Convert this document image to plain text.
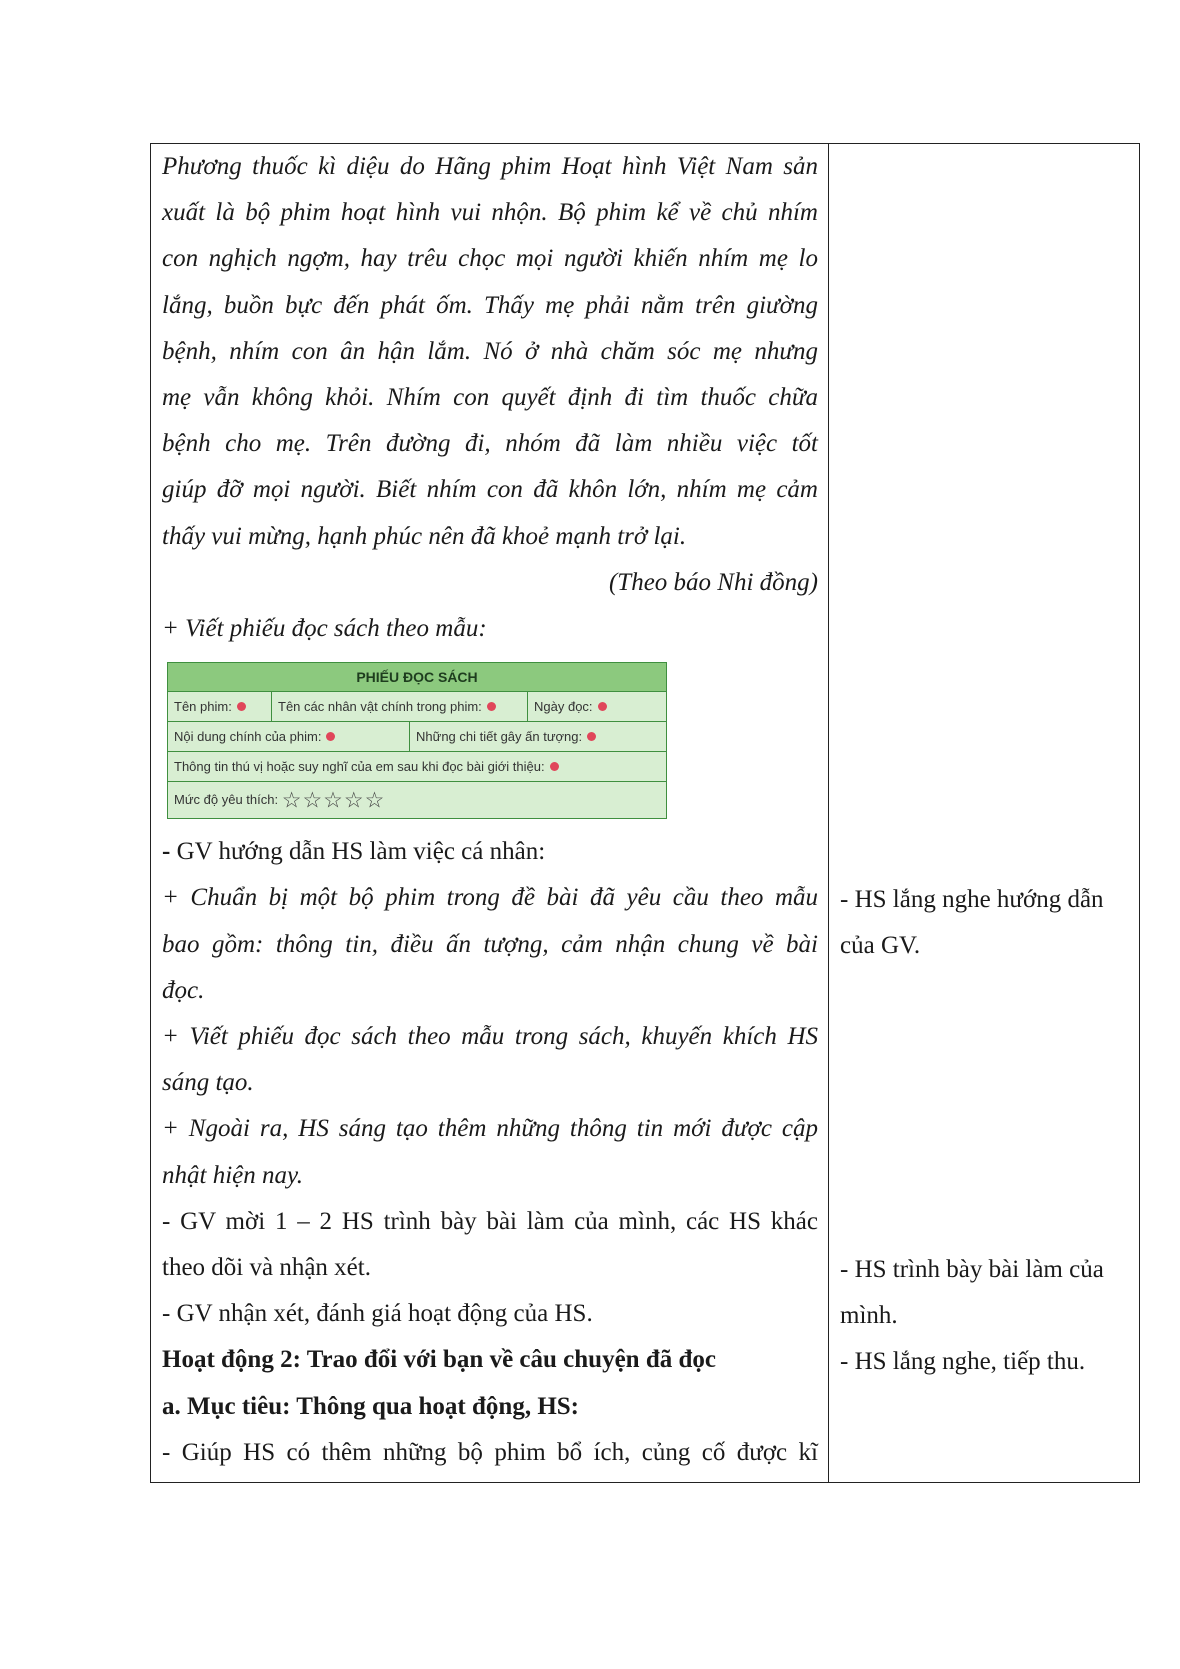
Phương thuốc kì diệu do Hãng phim Hoạt hình Việt Nam sản
xuất là bộ phim hoạt hình vui nhộn. Bộ phim kể về chủ nhím
con nghịch ngợm, hay trêu chọc mọi người khiến nhím mẹ lo
lắng, buồn bực đến phát ốm. Thấy mẹ phải nằm trên giường
bệnh, nhím con ân hận lắm. Nó ở nhà chăm sóc mẹ nhưng
mẹ vẫn không khỏi. Nhím con quyết định đi tìm thuốc chữa
bệnh cho mẹ. Trên đường đi, nhóm đã làm nhiều việc tốt
giúp đỡ mọi người. Biết nhím con đã khôn lớn, nhím mẹ cảm
thấy vui mừng, hạnh phúc nên đã khoẻ mạnh trở lại.
(Theo báo Nhi đồng)
+ Viết phiếu đọc sách theo mẫu:
PHIẾU ĐỌC SÁCH
Tên phim:	Tên các nhân vật chính trong phim:	Ngày đọc:
Nội dung chính của phim:	Những chi tiết gây ấn tượng:
Thông tin thú vị hoặc suy nghĩ của em sau khi đọc bài giới thiệu:
Mức độ yêu thích: ☆☆☆☆☆
- GV hướng dẫn HS làm việc cá nhân:
+ Chuẩn bị một bộ phim trong đề bài đã yêu cầu theo mẫu
bao gồm: thông tin, điều ấn tượng, cảm nhận chung về bài
đọc.
+ Viết phiếu đọc sách theo mẫu trong sách, khuyến khích HS
sáng tạo.
+ Ngoài ra, HS sáng tạo thêm những thông tin mới được cập
nhật hiện nay.
- GV mời 1 – 2 HS trình bày bài làm của mình, các HS khác
theo dõi và nhận xét.
- GV nhận xét, đánh giá hoạt động của HS.
Hoạt động 2: Trao đổi với bạn về câu chuyện đã đọc
a. Mục tiêu: Thông qua hoạt động, HS:
- Giúp HS có thêm những bộ phim bổ ích, củng cố được kĩ
- HS lắng nghe hướng dẫn
của GV.
- HS trình bày bài làm của
mình.
- HS lắng nghe, tiếp thu.
